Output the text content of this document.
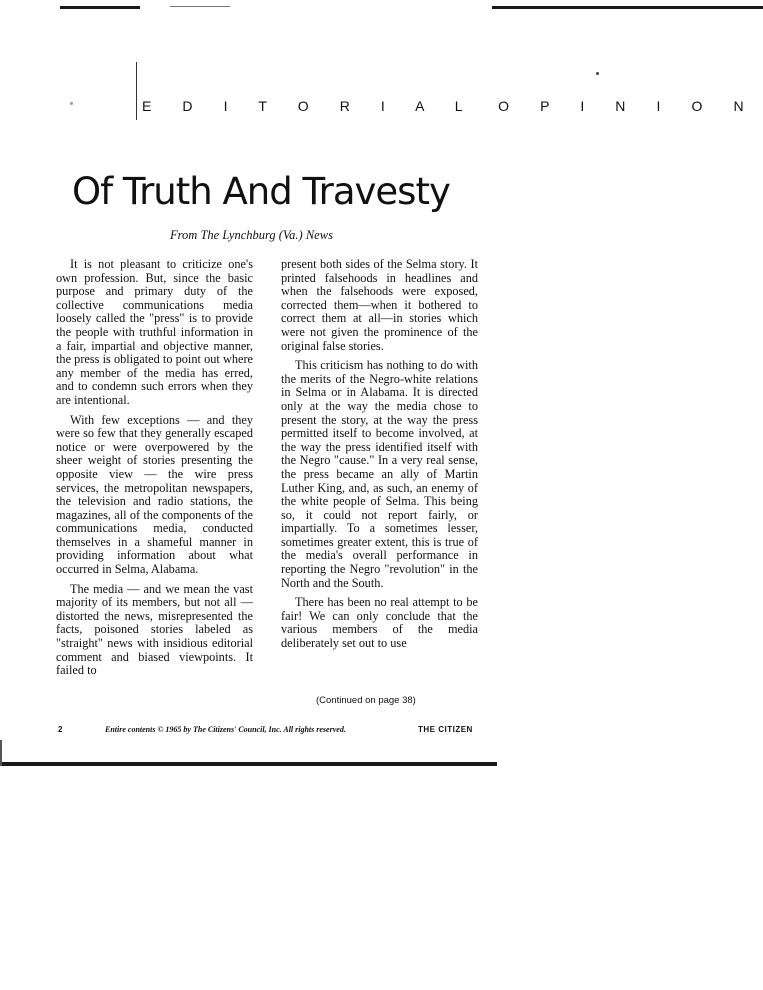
E D I T O R I A L O P I N I O N
Of Truth And Travesty
From The Lynchburg (Va.) News

It is not pleasant to criticize one's own profession. But, since the basic purpose and primary duty of the collective communications media loosely called the "press" is to provide the people with truthful information in a fair, impartial and objective manner, the press is obligated to point out where any member of the media has erred, and to condemn such errors when they are intentional.

With few exceptions — and they were so few that they generally escaped notice or were overpowered by the sheer weight of stories presenting the opposite view — the wire press services, the metropolitan newspapers, the television and radio stations, the magazines, all of the components of the communications media, conducted themselves in a shameful manner in providing information about what occurred in Selma, Alabama.

The media — and we mean the vast majority of its members, but not all — distorted the news, misrepresented the facts, poisoned stories labeled as "straight" news with insidious editorial comment and biased viewpoints. It failed to

present both sides of the Selma story. It printed falsehoods in headlines and when the falsehoods were exposed, corrected them—when it bothered to correct them at all—in stories which were not given the prominence of the original false stories.

This criticism has nothing to do with the merits of the Negro-white relations in Selma or in Alabama. It is directed only at the way the media chose to present the story, at the way the press permitted itself to become involved, at the way the press identified itself with the Negro "cause." In a very real sense, the press became an ally of Martin Luther King, and, as such, an enemy of the white people of Selma. This being so, it could not report fairly, or impartially. To a sometimes lesser, sometimes greater extent, this is true of the media's overall performance in reporting the Negro "revolution" in the North and the South.

There has been no real attempt to be fair! We can only conclude that the various members of the media deliberately set out to use

(Continued on page 38)
2	Entire contents © 1965 by The Citizens' Council, Inc. All rights reserved.	THE CITIZEN
